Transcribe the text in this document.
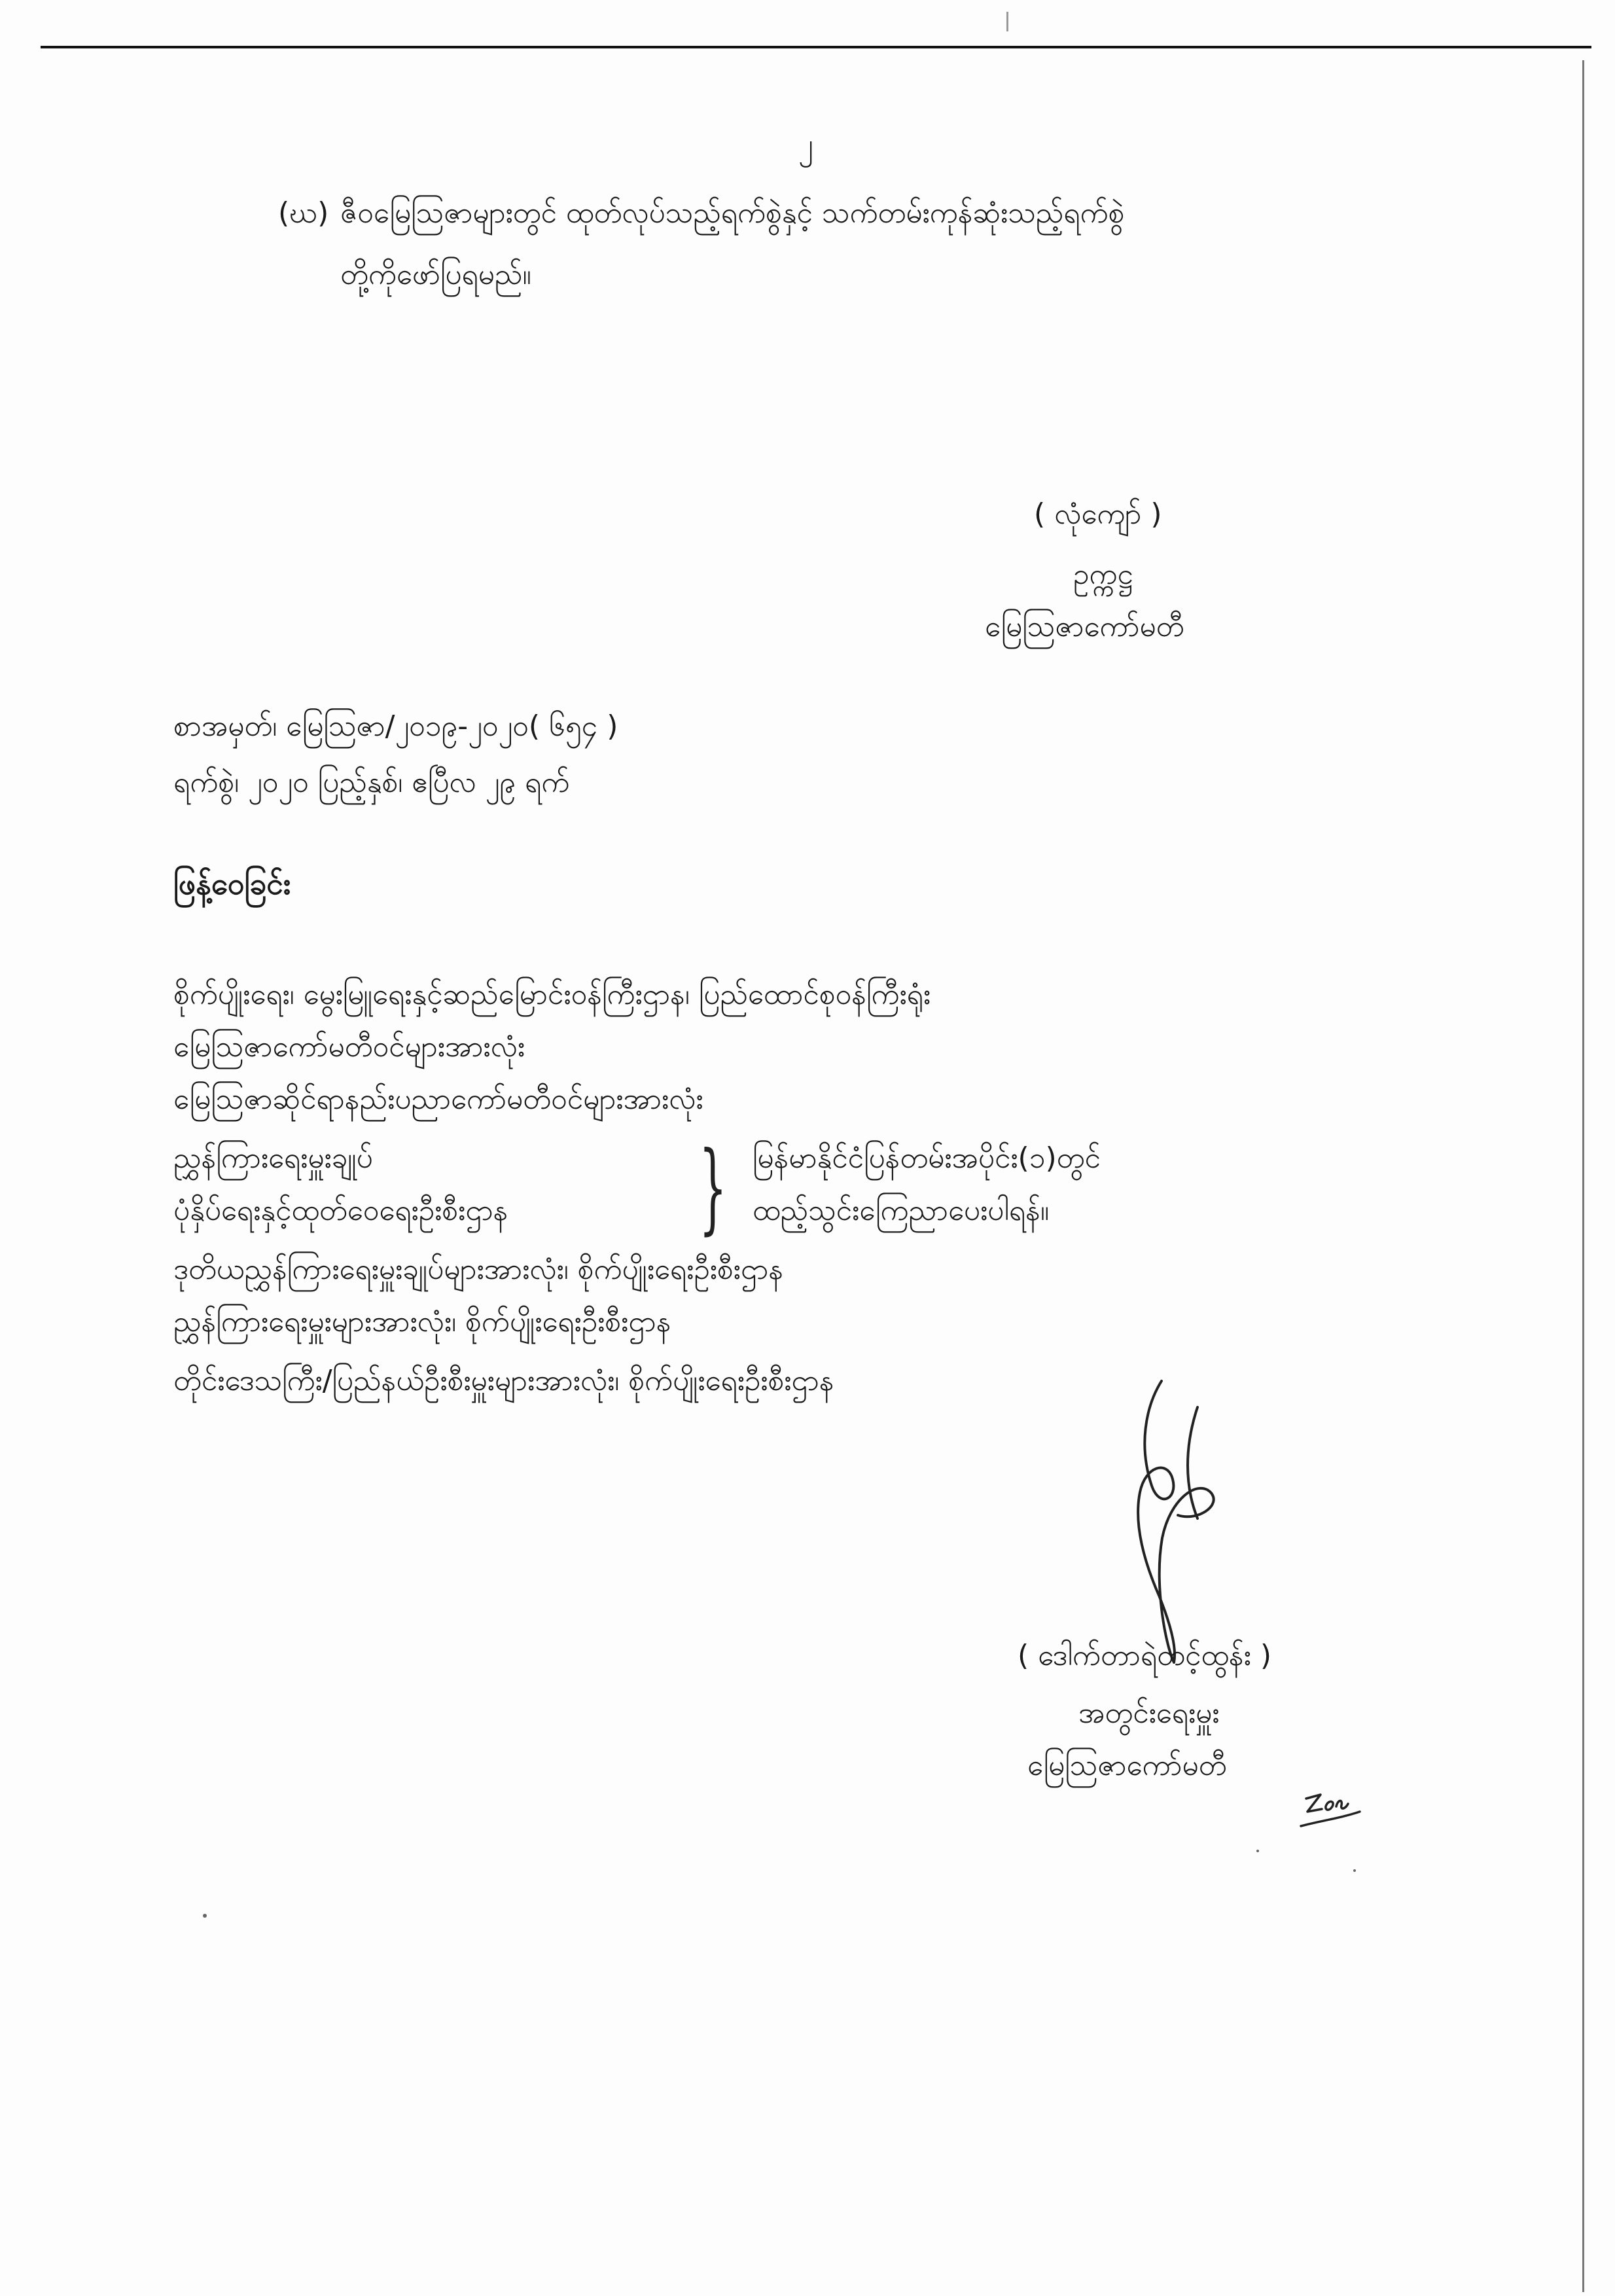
၂
(ဃ) ဇီဝမြေသြဇာများတွင် ထုတ်လုပ်သည့်ရက်စွဲနှင့် သက်တမ်းကုန်ဆုံးသည့်ရက်စွဲ
တို့ကိုဖော်ပြရမည်။
( လုံကျော် )
ဥက္ကဋ္ဌ
မြေသြဇာကော်မတီ
စာအမှတ်၊ မြေသြဇာ/၂၀၁၉-၂၀၂၀( ၆၅၄ )
ရက်စွဲ၊ ၂၀၂၀ ပြည့်နှစ်၊ ဧပြီလ ၂၉ ရက်
ဖြန့်ဝေခြင်း
စိုက်ပျိုးရေး၊ မွေးမြူရေးနှင့်ဆည်မြောင်းဝန်ကြီးဌာန၊ ပြည်ထောင်စုဝန်ကြီးရုံး
မြေသြဇာကော်မတီဝင်များအားလုံး
မြေသြဇာဆိုင်ရာနည်းပညာကော်မတီဝင်များအားလုံး
ညွှန်ကြားရေးမှူးချုပ်
ပုံနှိပ်ရေးနှင့်ထုတ်ဝေရေးဦးစီးဌာန } မြန်မာနိုင်ငံပြန်တမ်းအပိုင်း(၁)တွင်
ထည့်သွင်းကြေညာပေးပါရန်။
ဒုတိယညွှန်ကြားရေးမှူးချုပ်များအားလုံး၊ စိုက်ပျိုးရေးဦးစီးဌာန
ညွှန်ကြားရေးမှူးများအားလုံး၊ စိုက်ပျိုးရေးဦးစီးဌာန
တိုင်းဒေသကြီး/ပြည်နယ်ဦးစီးမှူးများအားလုံး၊ စိုက်ပျိုးရေးဦးစီးဌာန
( ဒေါက်တာရဲတင့်ထွန်း )
အတွင်းရေးမှူး
မြေသြဇာကော်မတီ
